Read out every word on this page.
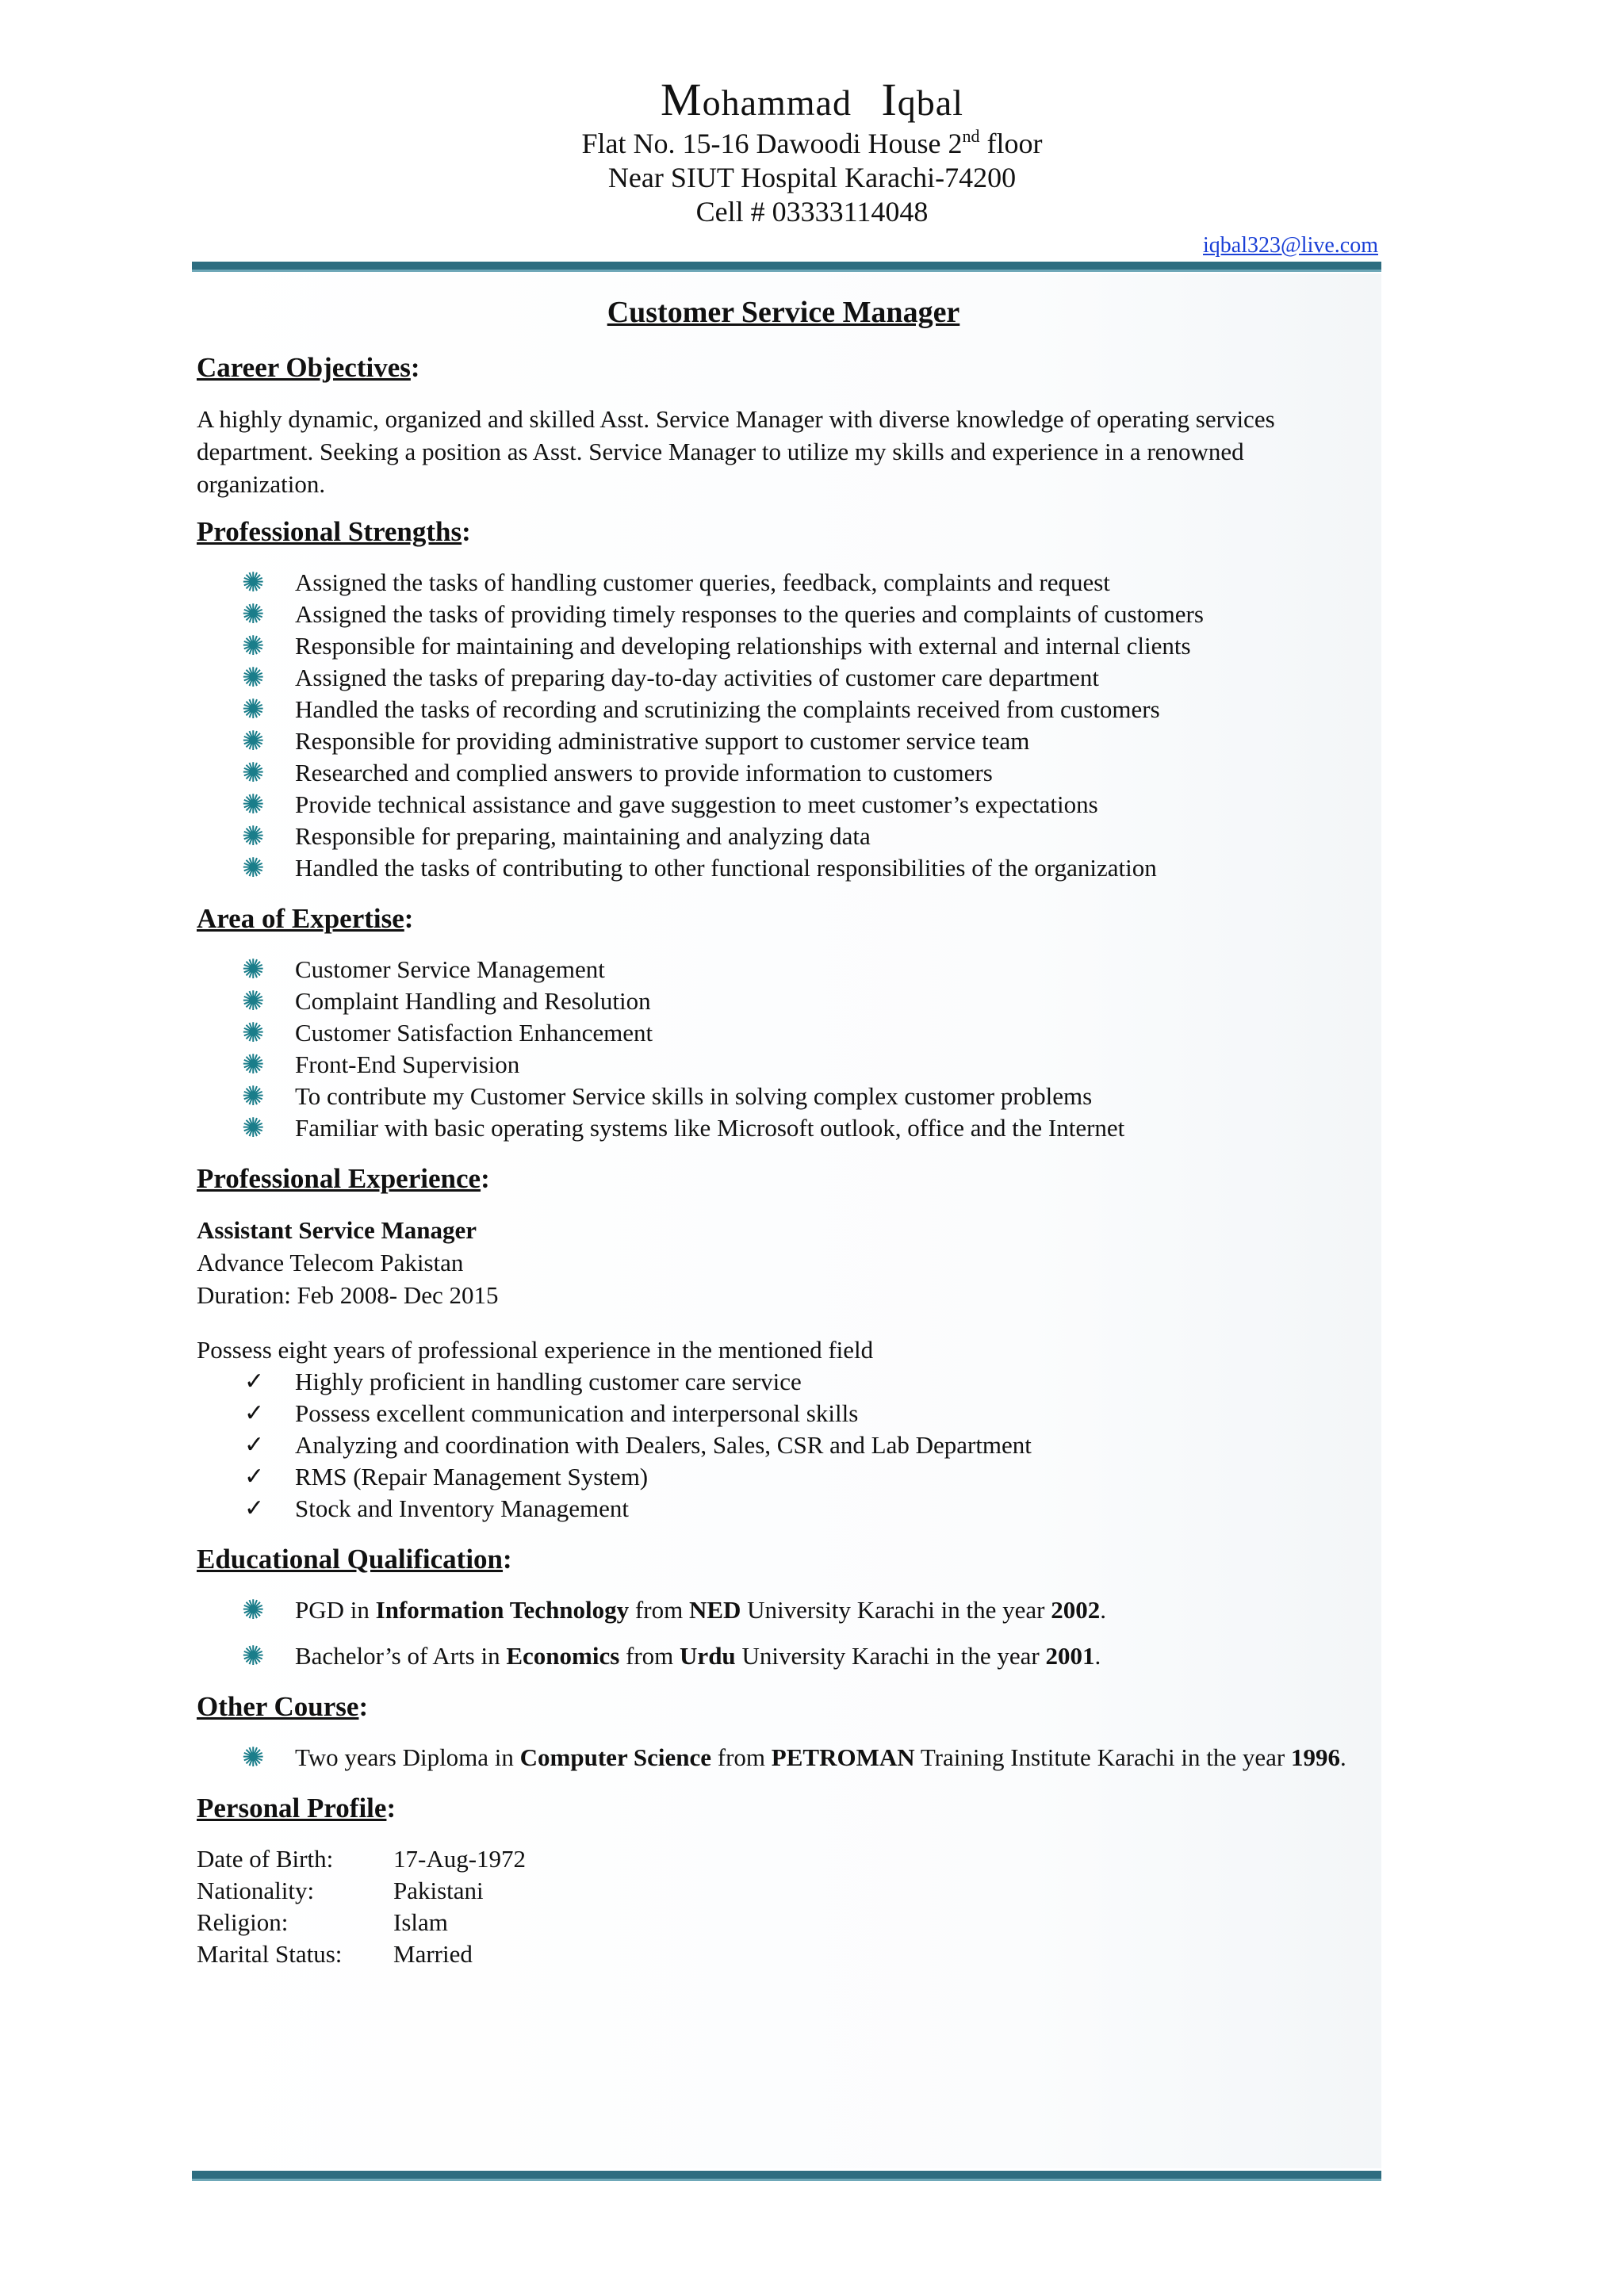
Mohammad Iqbal
Flat No. 15-16 Dawoodi House 2nd floor
Near SIUT Hospital Karachi-74200
Cell # 03333114048
iqbal323@live.com
Customer Service Manager
Career Objectives:

A highly dynamic, organized and skilled Asst. Service Manager with diverse knowledge of operating services department. Seeking a position as Asst. Service Manager to utilize my skills and experience in a renowned organization.

Professional Strengths:
✺ Assigned the tasks of handling customer queries, feedback, complaints and request
✺ Assigned the tasks of providing timely responses to the queries and complaints of customers
✺ Responsible for maintaining and developing relationships with external and internal clients
✺ Assigned the tasks of preparing day-to-day activities of customer care department
✺ Handled the tasks of recording and scrutinizing the complaints received from customers
✺ Responsible for providing administrative support to customer service team
✺ Researched and complied answers to provide information to customers
✺ Provide technical assistance and gave suggestion to meet customer’s expectations
✺ Responsible for preparing, maintaining and analyzing data
✺ Handled the tasks of contributing to other functional responsibilities of the organization
Area of Expertise:
✺ Customer Service Management
✺ Complaint Handling and Resolution
✺ Customer Satisfaction Enhancement
✺ Front-End Supervision
✺ To contribute my Customer Service skills in solving complex customer problems
✺ Familiar with basic operating systems like Microsoft outlook, office and the Internet
Professional Experience:
Assistant Service Manager
Advance Telecom Pakistan
Duration: Feb 2008- Dec 2015
Possess eight years of professional experience in the mentioned field
✓ Highly proficient in handling customer care service
✓ Possess excellent communication and interpersonal skills
✓ Analyzing and coordination with Dealers, Sales, CSR and Lab Department
✓ RMS (Repair Management System)
✓ Stock and Inventory Management
Educational Qualification:
✺ PGD in Information Technology from NED University Karachi in the year 2002.
✺ Bachelor’s of Arts in Economics from Urdu University Karachi in the year 2001.
Other Course:
✺ Two years Diploma in Computer Science from PETROMAN Training Institute Karachi in the year 1996.
Personal Profile:
Date of Birth:	17-Aug-1972
Nationality:	Pakistani
Religion:	Islam
Marital Status:	Married
